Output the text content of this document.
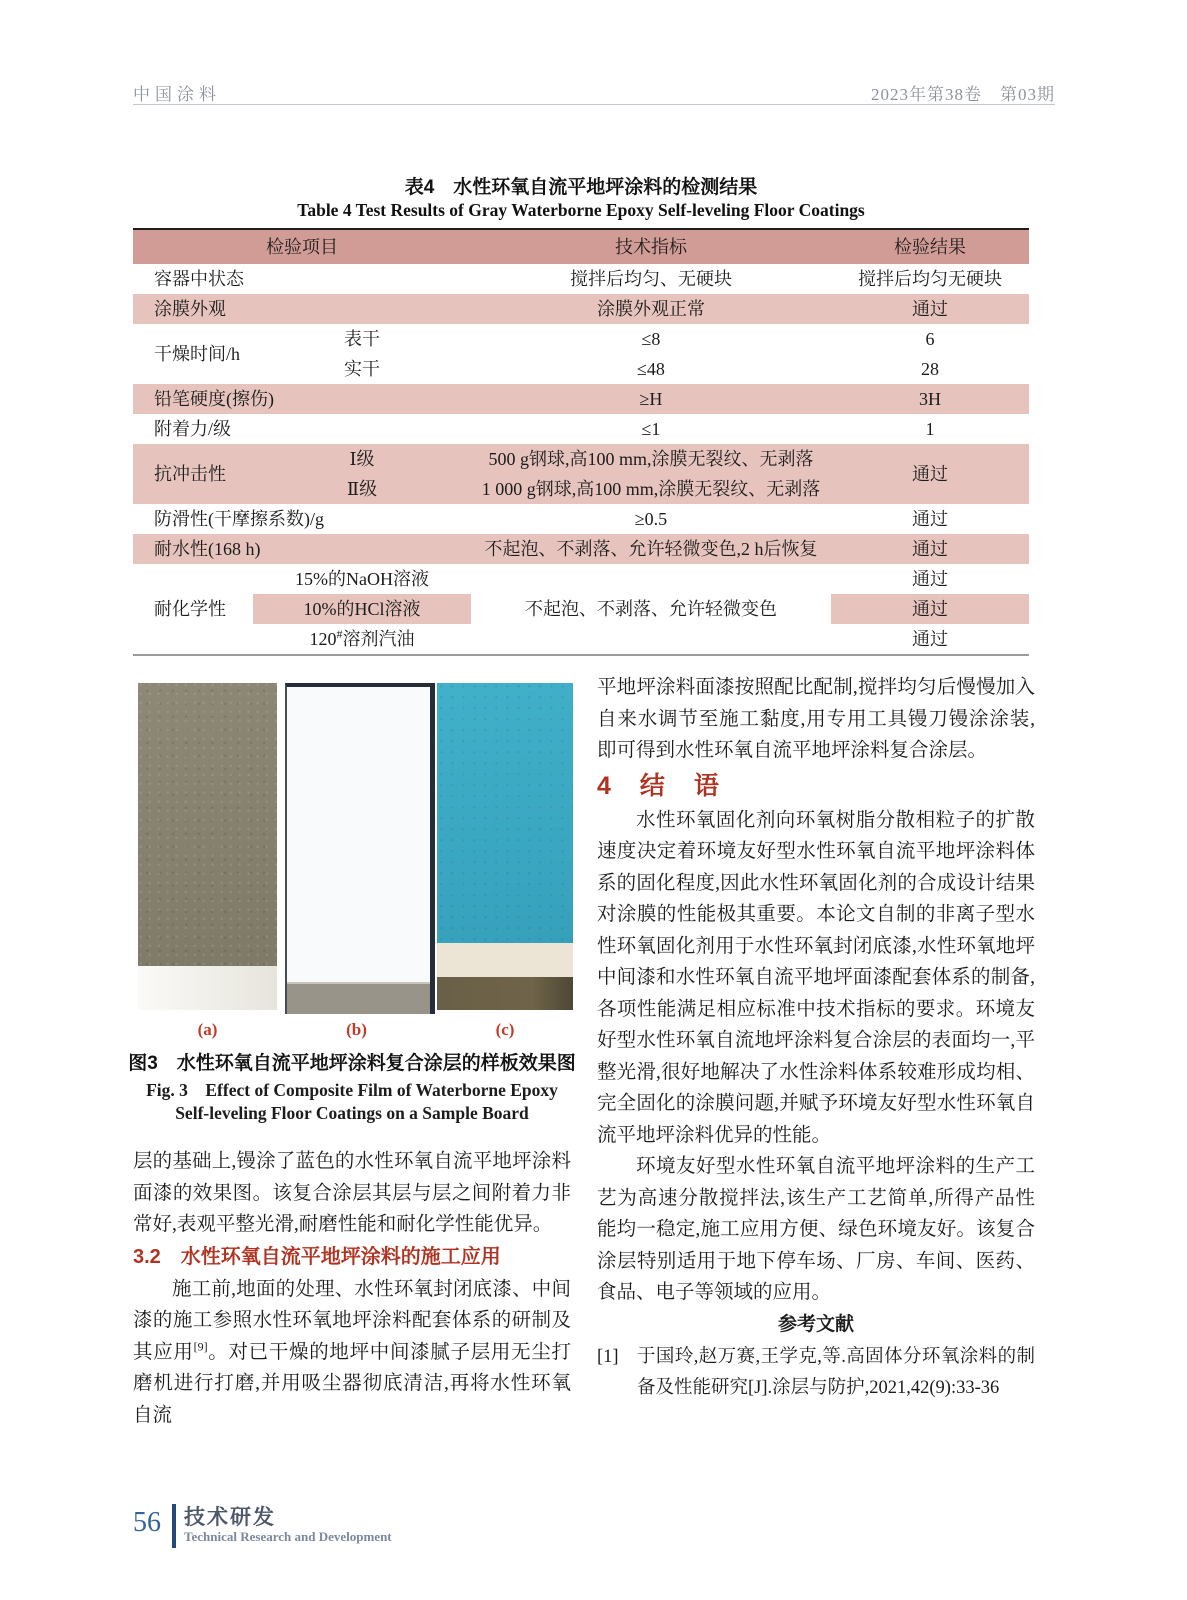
中国涂料	2023年第38卷　第03期
表4　水性环氧自流平地坪涂料的检测结果
Table 4 Test Results of Gray Waterborne Epoxy Self-leveling Floor Coatings
检验项目		技术指标	检验结果
容器中状态		搅拌后均匀、无硬块	搅拌后均匀无硬块
涂膜外观		涂膜外观正常	通过
干燥时间/h	表干	≤8	6
	实干	≤48	28
铅笔硬度(擦伤)		≥H	3H
附着力/级		≤1	1
抗冲击性	Ⅰ级	500 g钢球,高100 mm,涂膜无裂纹、无剥落	通过
	Ⅱ级	1 000 g钢球,高100 mm,涂膜无裂纹、无剥落	
防滑性(干摩擦系数)/g		≥0.5	通过
耐水性(168 h)		不起泡、不剥落、允许轻微变色,2 h后恢复	通过
耐化学性	15%的NaOH溶液	不起泡、不剥落、允许轻微变色	通过
	10%的HCl溶液		通过
	120#溶剂汽油		通过
(a)	(b)	(c)
图3　水性环氧自流平地坪涂料复合涂层的样板效果图
Fig. 3　Effect of Composite Film of Waterborne Epoxy
Self-leveling Floor Coatings on a Sample Board

层的基础上,镘涂了蓝色的水性环氧自流平地坪涂料面漆的效果图。该复合涂层其层与层之间附着力非常好,表观平整光滑,耐磨性能和耐化学性能优异。

3.2　水性环氧自流平地坪涂料的施工应用

施工前,地面的处理、水性环氧封闭底漆、中间漆的施工参照水性环氧地坪涂料配套体系的研制及其应用[9]。对已干燥的地坪中间漆腻子层用无尘打磨机进行打磨,并用吸尘器彻底清洁,再将水性环氧自流

平地坪涂料面漆按照配比配制,搅拌均匀后慢慢加入自来水调节至施工黏度,用专用工具镘刀镘涂涂装,即可得到水性环氧自流平地坪涂料复合涂层。

4　结　语

水性环氧固化剂向环氧树脂分散相粒子的扩散速度决定着环境友好型水性环氧自流平地坪涂料体系的固化程度,因此水性环氧固化剂的合成设计结果对涂膜的性能极其重要。本论文自制的非离子型水性环氧固化剂用于水性环氧封闭底漆,水性环氧地坪中间漆和水性环氧自流平地坪面漆配套体系的制备,各项性能满足相应标准中技术指标的要求。环境友好型水性环氧自流地坪涂料复合涂层的表面均一,平整光滑,很好地解决了水性涂料体系较难形成均相、完全固化的涂膜问题,并赋予环境友好型水性环氧自流平地坪涂料优异的性能。

环境友好型水性环氧自流平地坪涂料的生产工艺为高速分散搅拌法,该生产工艺简单,所得产品性能均一稳定,施工应用方便、绿色环境友好。该复合涂层特别适用于地下停车场、厂房、车间、医药、食品、电子等领域的应用。

参考文献

[1] 于国玲,赵万赛,王学克,等.高固体分环氧涂料的制备及性能研究[J].涂层与防护,2021,42(9):33-36
56 技术研发
Technical Research and Development
